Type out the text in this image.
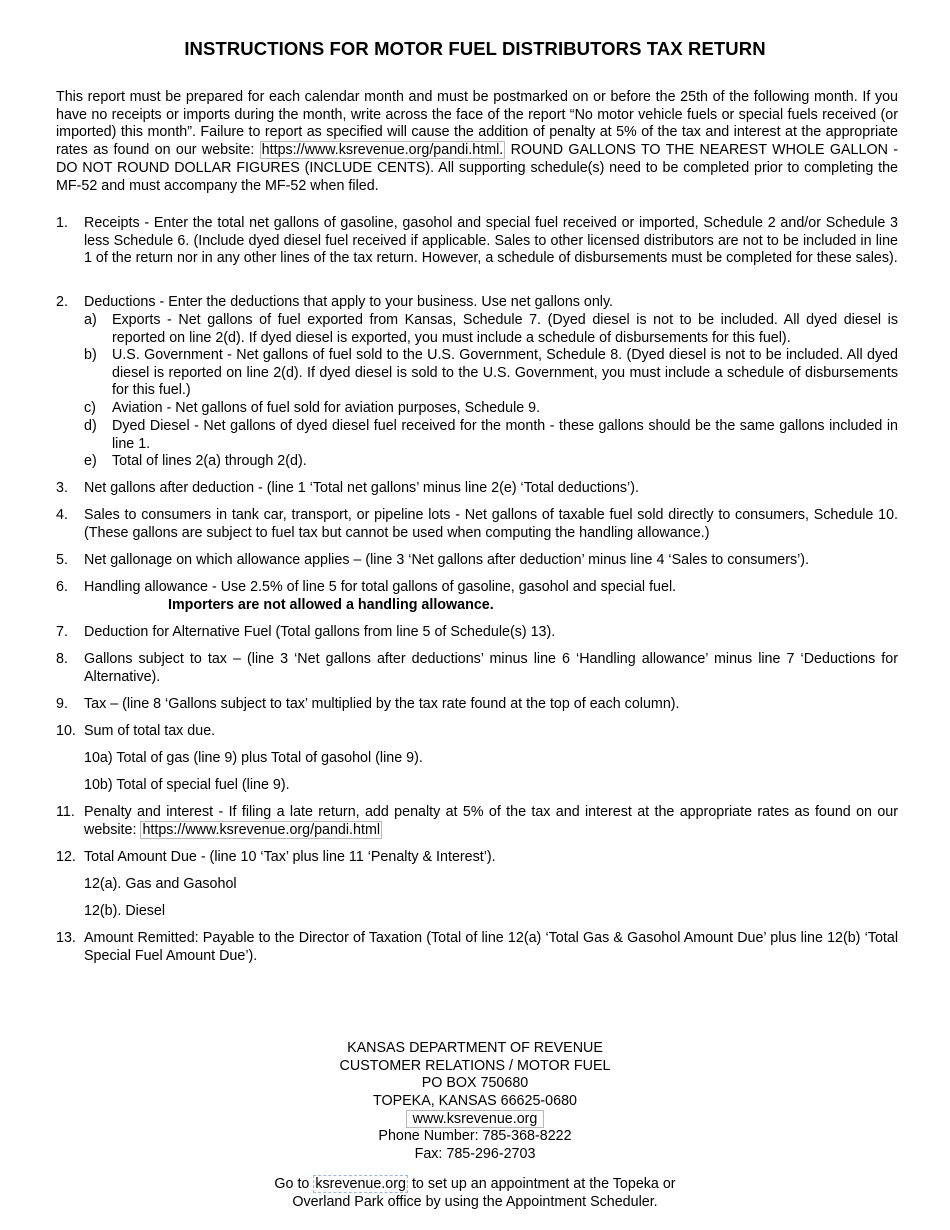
INSTRUCTIONS FOR MOTOR FUEL DISTRIBUTORS TAX RETURN

This report must be prepared for each calendar month and must be postmarked on or before the 25th of the following month. If you have no receipts or imports during the month, write across the face of the report “No motor vehicle fuels or special fuels received (or imported) this month”. Failure to report as specified will cause the addition of penalty at 5% of the tax and interest at the appropriate rates as found on our website: https://www.ksrevenue.org/pandi.html. ROUND GALLONS TO THE NEAREST WHOLE GALLON - DO NOT ROUND DOLLAR FIGURES (INCLUDE CENTS). All supporting schedule(s) need to be completed prior to completing the MF-52 and must accompany the MF-52 when filed.

1. Receipts - Enter the total net gallons of gasoline, gasohol and special fuel received or imported, Schedule 2 and/or Schedule 3 less Schedule 6. (Include dyed diesel fuel received if applicable. Sales to other licensed distributors are not to be included in line 1 of the return nor in any other lines of the tax return. However, a schedule of disbursements must be completed for these sales).
2. Deductions - Enter the deductions that apply to your business. Use net gallons only.
a) Exports - Net gallons of fuel exported from Kansas, Schedule 7. (Dyed diesel is not to be included. All dyed diesel is reported on line 2(d). If dyed diesel is exported, you must include a schedule of disbursements for this fuel).
b) U.S. Government - Net gallons of fuel sold to the U.S. Government, Schedule 8. (Dyed diesel is not to be included. All dyed diesel is reported on line 2(d). If dyed diesel is sold to the U.S. Government, you must include a schedule of disbursements for this fuel.)
c) Aviation - Net gallons of fuel sold for aviation purposes, Schedule 9.
d) Dyed Diesel - Net gallons of dyed diesel fuel received for the month - these gallons should be the same gallons included in line 1.
e) Total of lines 2(a) through 2(d).
3. Net gallons after deduction - (line 1 ‘Total net gallons’ minus line 2(e) ‘Total deductions’).
4. Sales to consumers in tank car, transport, or pipeline lots - Net gallons of taxable fuel sold directly to consumers, Schedule 10. (These gallons are subject to fuel tax but cannot be used when computing the handling allowance.)
5. Net gallonage on which allowance applies – (line 3 ‘Net gallons after deduction’ minus line 4 ‘Sales to consumers’).
6. Handling allowance - Use 2.5% of line 5 for total gallons of gasoline, gasohol and special fuel.
Importers are not allowed a handling allowance.
7. Deduction for Alternative Fuel (Total gallons from line 5 of Schedule(s) 13).
8. Gallons subject to tax – (line 3 ‘Net gallons after deductions’ minus line 6 ‘Handling allowance’ minus line 7 ‘Deductions for Alternative).
9. Tax – (line 8 ‘Gallons subject to tax’ multiplied by the tax rate found at the top of each column).
10. Sum of total tax due.
10a) Total of gas (line 9) plus Total of gasohol (line 9).
10b) Total of special fuel (line 9).
11. Penalty and interest - If filing a late return, add penalty at 5% of the tax and interest at the appropriate rates as found on our website: https://www.ksrevenue.org/pandi.html
12. Total Amount Due - (line 10 ‘Tax’ plus line 11 ‘Penalty & Interest’).
12(a). Gas and Gasohol
12(b). Diesel
13. Amount Remitted: Payable to the Director of Taxation (Total of line 12(a) ‘Total Gas & Gasohol Amount Due’ plus line 12(b) ‘Total Special Fuel Amount Due’).
KANSAS DEPARTMENT OF REVENUE
CUSTOMER RELATIONS / MOTOR FUEL
PO BOX 750680
TOPEKA, KANSAS 66625-0680
www.ksrevenue.org
Phone Number: 785-368-8222
Fax: 785-296-2703
Go to ksrevenue.org to set up an appointment at the Topeka or
Overland Park office by using the Appointment Scheduler.
